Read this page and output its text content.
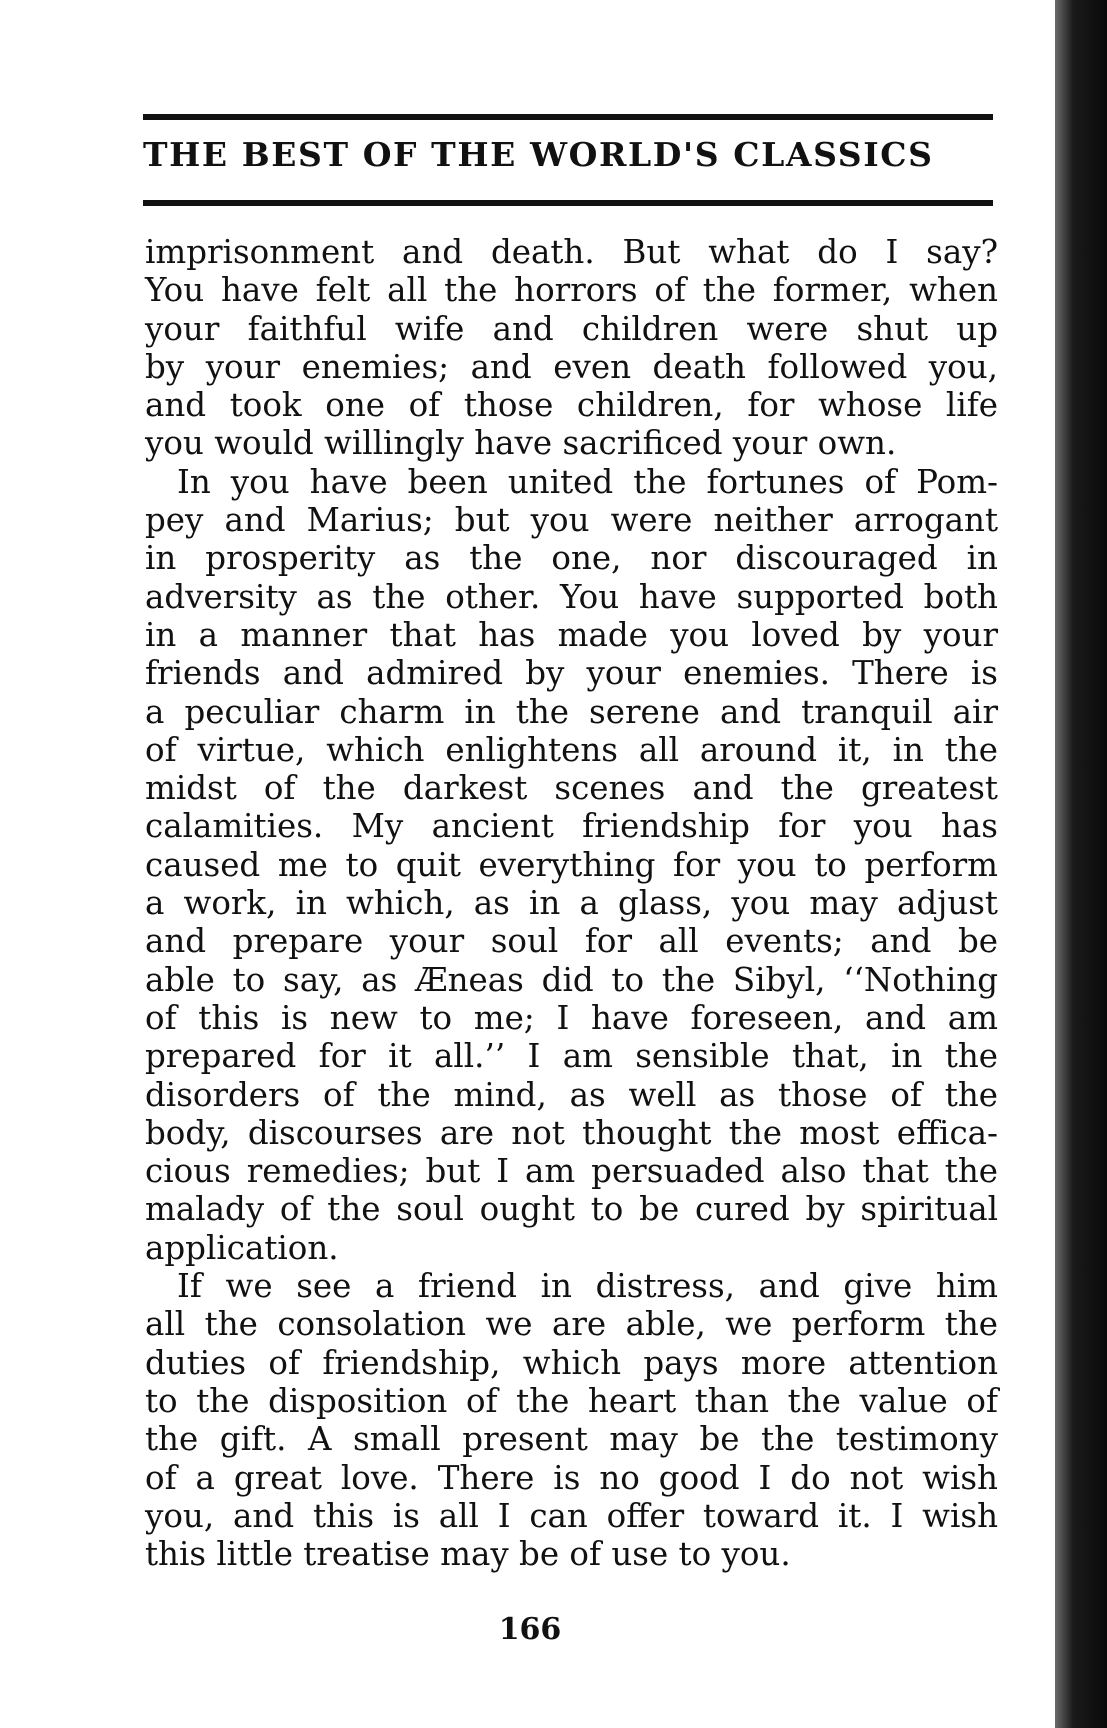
THE BEST OF THE WORLD'S CLASSICS
imprisonment and death. But what do I say?
You have felt all the horrors of the former, when
your faithful wife and children were shut up
by your enemies; and even death followed you,
and took one of those children, for whose life
you would willingly have sacrificed your own.
In you have been united the fortunes of Pom-
pey and Marius; but you were neither arrogant
in prosperity as the one, nor discouraged in
adversity as the other. You have supported both
in a manner that has made you loved by your
friends and admired by your enemies. There is
a peculiar charm in the serene and tranquil air
of virtue, which enlightens all around it, in the
midst of the darkest scenes and the greatest
calamities. My ancient friendship for you has
caused me to quit everything for you to perform
a work, in which, as in a glass, you may adjust
and prepare your soul for all events; and be
able to say, as Æneas did to the Sibyl, ‘‘Nothing
of this is new to me; I have foreseen, and am
prepared for it all.’’ I am sensible that, in the
disorders of the mind, as well as those of the
body, discourses are not thought the most effica-
cious remedies; but I am persuaded also that the
malady of the soul ought to be cured by spiritual
application.
If we see a friend in distress, and give him
all the consolation we are able, we perform the
duties of friendship, which pays more attention
to the disposition of the heart than the value of
the gift. A small present may be the testimony
of a great love. There is no good I do not wish
you, and this is all I can offer toward it. I wish
this little treatise may be of use to you.
166
